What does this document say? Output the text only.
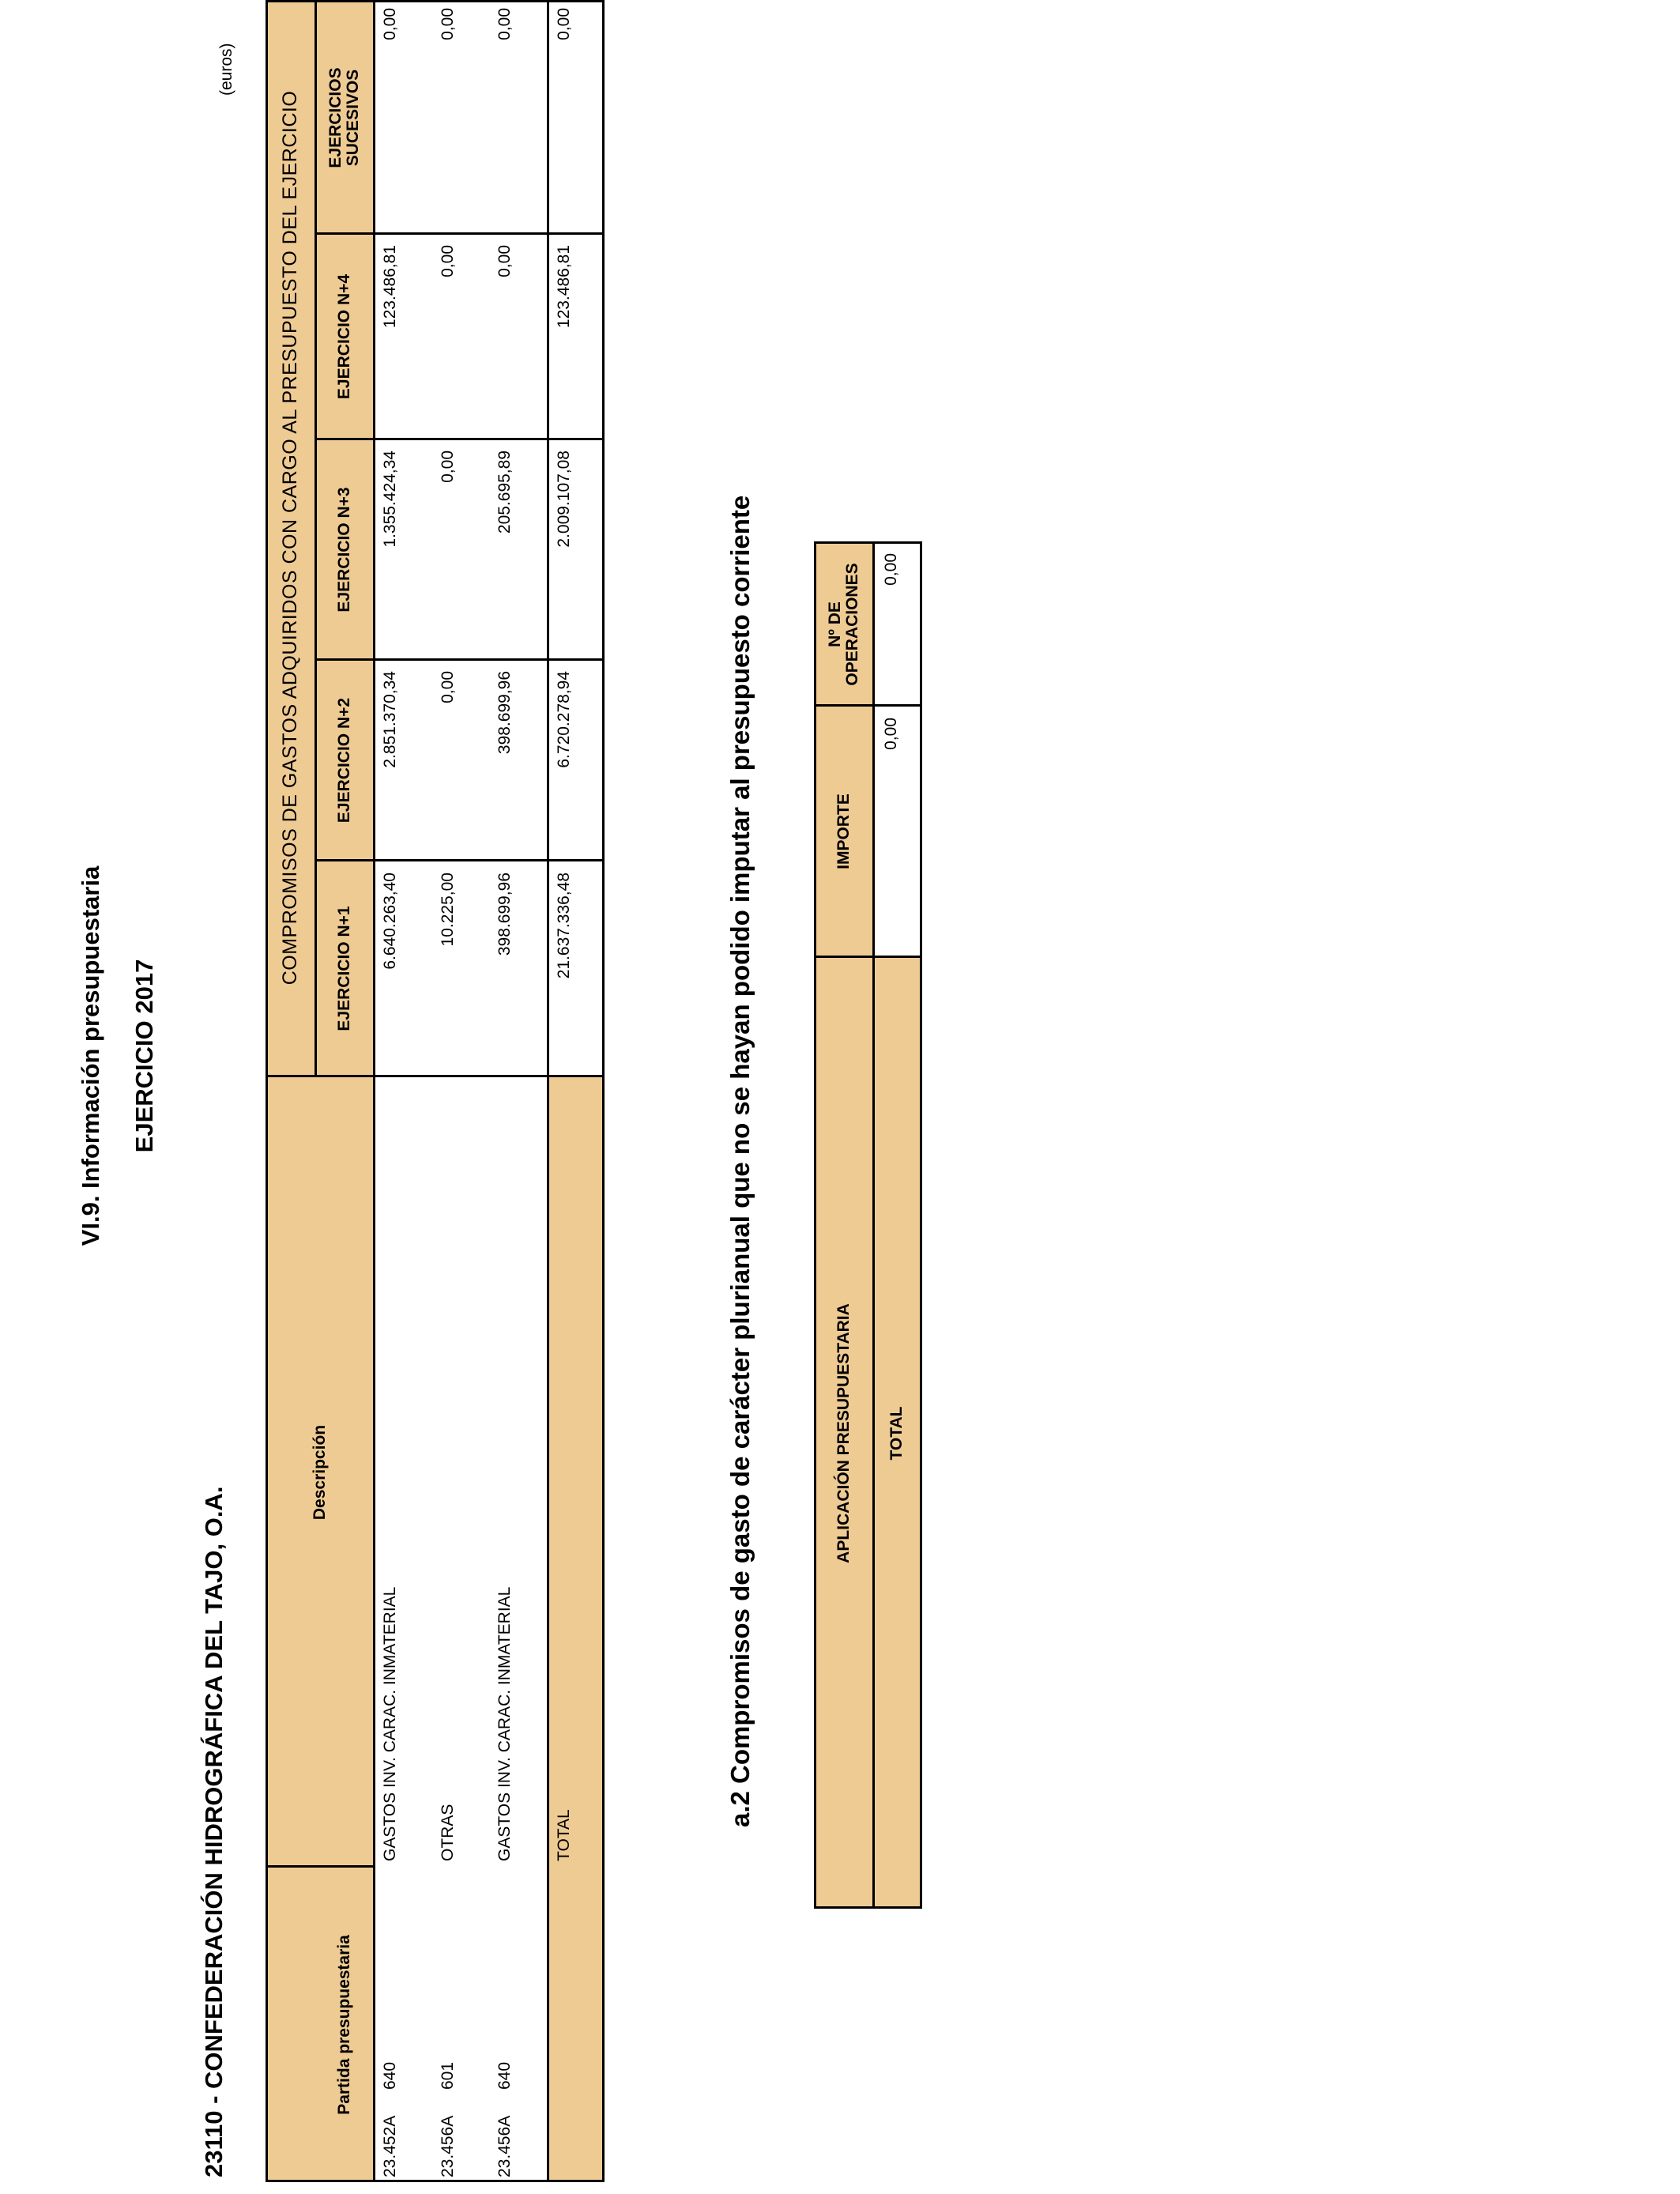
VI.9. Información presupuestaria EJERCICIO 2017
23110 - CONFEDERACIÓN HIDROGRÁFICA DEL TAJO, O.A.
(euros)
COMPROMISOS DE GASTOS ADQUIRIDOS CON CARGO AL PRESUPUESTO DEL EJERCICIO
Partida presupuestaria
Descripción
EJERCICIO N+1
EJERCICIO N+2
EJERCICIO N+3
EJERCICIO N+4
EJERCICIOS SUCESIVOS
23.452A
640
GASTOS INV. CARAC. INMATERIAL
6.640.263,40
2.851.370,34
1.355.424,34
123.486,81
0,00
23.456A
601
OTRAS
10.225,00
0,00
0,00
0,00
0,00
23.456A
640
GASTOS INV. CARAC. INMATERIAL
398.699,96
398.699,96
205.695,89
0,00
0,00
TOTAL
21.637.336,48
6.720.278,94
2.009.107,08
123.486,81
0,00
a.2 Compromisos de gasto de carácter plurianual que no se hayan podido imputar al presupuesto corriente	APLICACIÓN PRESUPUESTARIA
IMPORTE
Nº DE OPERACIONES
TOTAL
0,00
0,00
